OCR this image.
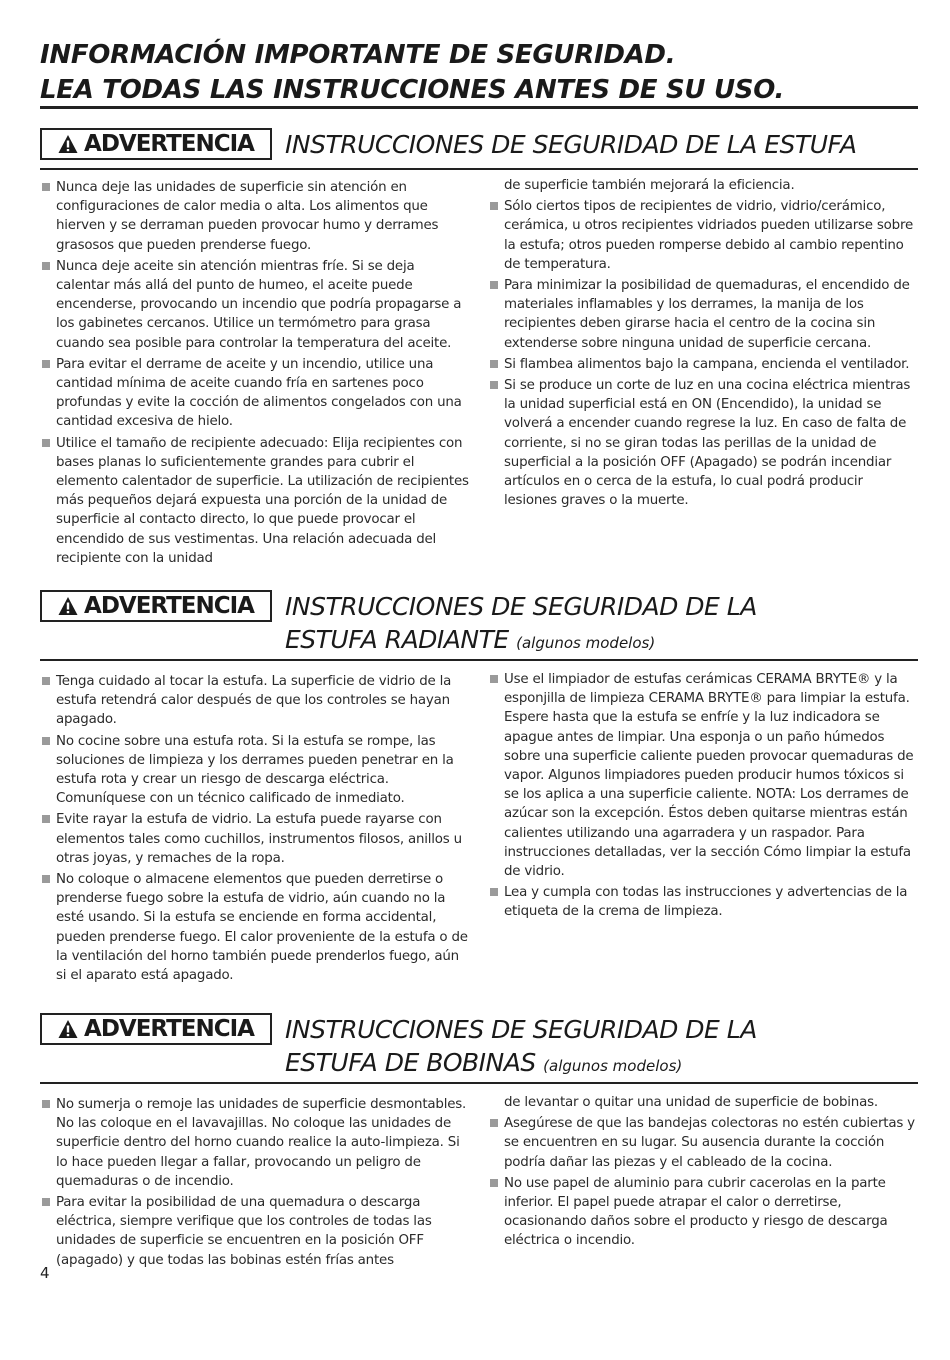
INFORMACIÓN IMPORTANTE DE SEGURIDAD.
LEA TODAS LAS INSTRUCCIONES ANTES DE SU USO.
ADVERTENCIA INSTRUCCIONES DE SEGURIDAD DE LA ESTUFA

Nunca deje las unidades de superficie sin atención en configuraciones de calor media o alta. Los alimentos que hierven y se derraman pueden provocar humo y derrames grasosos que pueden prenderse fuego.

Nunca deje aceite sin atención mientras fríe. Si se deja calentar más allá del punto de humeo, el aceite puede encenderse, provocando un incendio que podría propagarse a los gabinetes cercanos. Utilice un termómetro para grasa cuando sea posible para controlar la temperatura del aceite.

Para evitar el derrame de aceite y un incendio, utilice una cantidad mínima de aceite cuando fría en sartenes poco profundas y evite la cocción de alimentos congelados con una cantidad excesiva de hielo.

Utilice el tamaño de recipiente adecuado: Elija recipientes con bases planas lo suficientemente grandes para cubrir el elemento calentador de superficie. La utilización de recipientes más pequeños dejará expuesta una porción de la unidad de superficie al contacto directo, lo que puede provocar el encendido de sus vestimentas. Una relación adecuada del recipiente con la unidad

de superficie también mejorará la eficiencia.

Sólo ciertos tipos de recipientes de vidrio, vidrio/cerámico, cerámica, u otros recipientes vidriados pueden utilizarse sobre la estufa; otros pueden romperse debido al cambio repentino de temperatura.

Para minimizar la posibilidad de quemaduras, el encendido de materiales inflamables y los derrames, la manija de los recipientes deben girarse hacia el centro de la cocina sin extenderse sobre ninguna unidad de superficie cercana.

Si flambea alimentos bajo la campana, encienda el ventilador.

Si se produce un corte de luz en una cocina eléctrica mientras la unidad superficial está en ON (Encendido), la unidad se volverá a encender cuando regrese la luz. En caso de falta de corriente, si no se giran todas las perillas de la unidad de superficial a la posición OFF (Apagado) se podrán incendiar artículos en o cerca de la estufa, lo cual podrá producir lesiones graves o la muerte.

ADVERTENCIA INSTRUCCIONES DE SEGURIDAD DE LA
ESTUFA RADIANTE (algunos modelos)

Tenga cuidado al tocar la estufa. La superficie de vidrio de la estufa retendrá calor después de que los controles se hayan apagado.

No cocine sobre una estufa rota. Si la estufa se rompe, las soluciones de limpieza y los derrames pueden penetrar en la estufa rota y crear un riesgo de descarga eléctrica. Comuníquese con un técnico calificado de inmediato.

Evite rayar la estufa de vidrio. La estufa puede rayarse con elementos tales como cuchillos, instrumentos filosos, anillos u otras joyas, y remaches de la ropa.

No coloque o almacene elementos que pueden derretirse o prenderse fuego sobre la estufa de vidrio, aún cuando no la esté usando. Si la estufa se enciende en forma accidental, pueden prenderse fuego. El calor proveniente de la estufa o de la ventilación del horno también puede prenderlos fuego, aún si el aparato está apagado.

Use el limpiador de estufas cerámicas CERAMA BRYTE® y la esponjilla de limpieza CERAMA BRYTE® para limpiar la estufa. Espere hasta que la estufa se enfríe y la luz indicadora se apague antes de limpiar. Una esponja o un paño húmedos sobre una superficie caliente pueden provocar quemaduras de vapor. Algunos limpiadores pueden producir humos tóxicos si se los aplica a una superficie caliente. NOTA: Los derrames de azúcar son la excepción. Éstos deben quitarse mientras están calientes utilizando una agarradera y un raspador. Para instrucciones detalladas, ver la sección Cómo limpiar la estufa de vidrio.

Lea y cumpla con todas las instrucciones y advertencias de la etiqueta de la crema de limpieza.

ADVERTENCIA INSTRUCCIONES DE SEGURIDAD DE LA
ESTUFA DE BOBINAS (algunos modelos)

No sumerja o remoje las unidades de superficie desmontables. No las coloque en el lavavajillas. No coloque las unidades de superficie dentro del horno cuando realice la auto-limpieza. Si lo hace pueden llegar a fallar, provocando un peligro de quemaduras o de incendio.

Para evitar la posibilidad de una quemadura o descarga eléctrica, siempre verifique que los controles de todas las unidades de superficie se encuentren en la posición OFF (apagado) y que todas las bobinas estén frías antes

de levantar o quitar una unidad de superficie de bobinas.

Asegúrese de que las bandejas colectoras no estén cubiertas y se encuentren en su lugar. Su ausencia durante la cocción podría dañar las piezas y el cableado de la cocina.

No use papel de aluminio para cubrir cacerolas en la parte inferior. El papel puede atrapar el calor o derretirse, ocasionando daños sobre el producto y riesgo de descarga eléctrica o incendio.

4
